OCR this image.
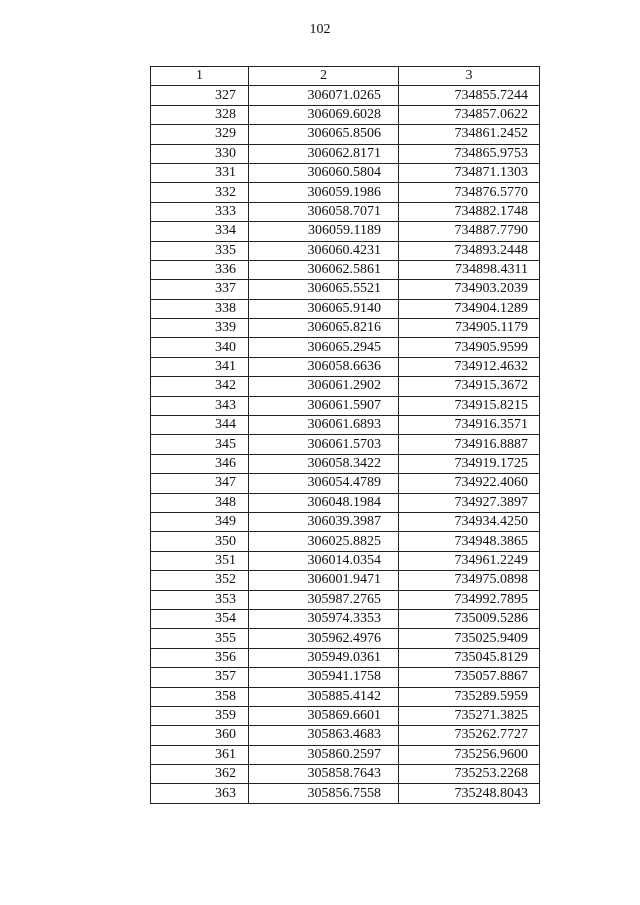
102
1	2	3
327	306071.0265	734855.7244
328	306069.6028	734857.0622
329	306065.8506	734861.2452
330	306062.8171	734865.9753
331	306060.5804	734871.1303
332	306059.1986	734876.5770
333	306058.7071	734882.1748
334	306059.1189	734887.7790
335	306060.4231	734893.2448
336	306062.5861	734898.4311
337	306065.5521	734903.2039
338	306065.9140	734904.1289
339	306065.8216	734905.1179
340	306065.2945	734905.9599
341	306058.6636	734912.4632
342	306061.2902	734915.3672
343	306061.5907	734915.8215
344	306061.6893	734916.3571
345	306061.5703	734916.8887
346	306058.3422	734919.1725
347	306054.4789	734922.4060
348	306048.1984	734927.3897
349	306039.3987	734934.4250
350	306025.8825	734948.3865
351	306014.0354	734961.2249
352	306001.9471	734975.0898
353	305987.2765	734992.7895
354	305974.3353	735009.5286
355	305962.4976	735025.9409
356	305949.0361	735045.8129
357	305941.1758	735057.8867
358	305885.4142	735289.5959
359	305869.6601	735271.3825
360	305863.4683	735262.7727
361	305860.2597	735256.9600
362	305858.7643	735253.2268
363	305856.7558	735248.8043
